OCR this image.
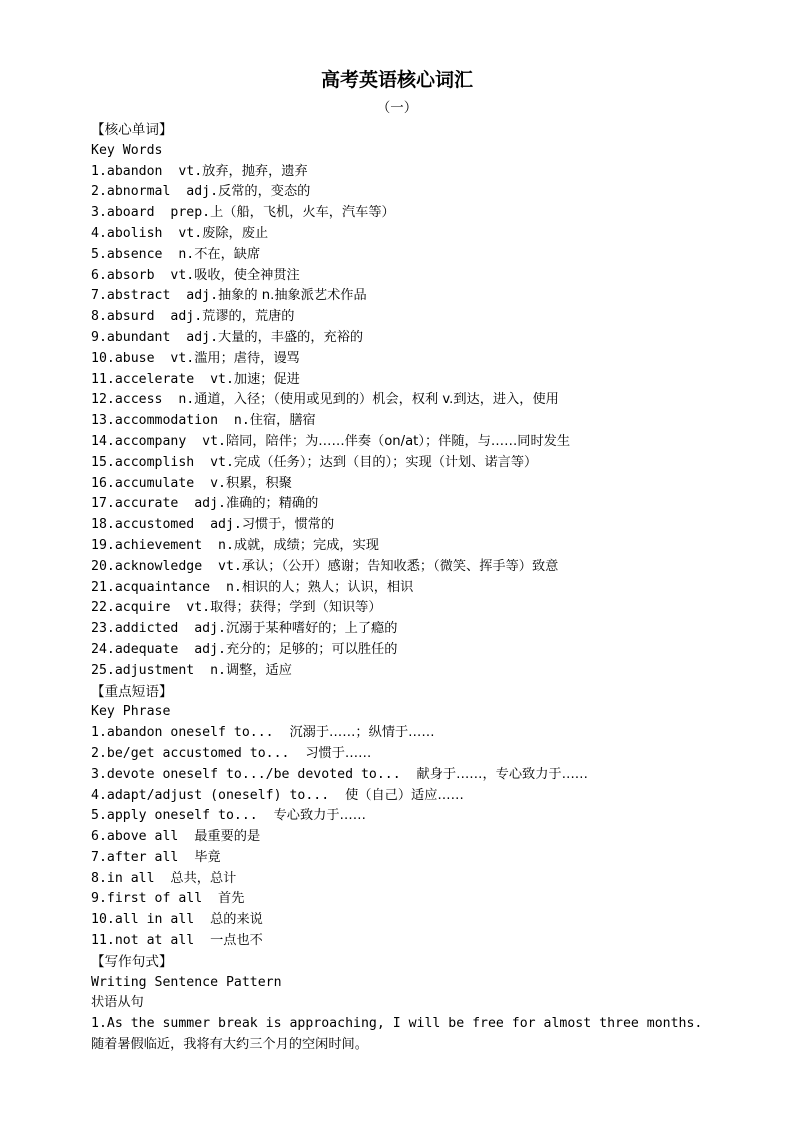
高考英语核心词汇
（一）
【核心单词】
Key Words
1.abandon  vt.放弃，抛弃，遗弃
2.abnormal  adj.反常的，变态的
3.aboard  prep.上（船，飞机，火车，汽车等）
4.abolish  vt.废除，废止
5.absence  n.不在，缺席
6.absorb  vt.吸收，使全神贯注
7.abstract  adj.抽象的 n.抽象派艺术作品
8.absurd  adj.荒谬的，荒唐的
9.abundant  adj.大量的，丰盛的，充裕的
10.abuse  vt.滥用；虐待，谩骂
11.accelerate  vt.加速；促进
12.access  n.通道，入径；（使用或见到的）机会，权利 v.到达，进入，使用
13.accommodation  n.住宿，膳宿
14.accompany  vt.陪同，陪伴；为……伴奏（on/at）；伴随，与……同时发生
15.accomplish  vt.完成（任务）；达到（目的）；实现（计划、诺言等）
16.accumulate  v.积累，积聚
17.accurate  adj.准确的；精确的
18.accustomed  adj.习惯于，惯常的
19.achievement  n.成就，成绩；完成，实现
20.acknowledge  vt.承认；（公开）感谢；告知收悉；（微笑、挥手等）致意
21.acquaintance  n.相识的人；熟人；认识，相识
22.acquire  vt.取得；获得；学到（知识等）
23.addicted  adj.沉溺于某种嗜好的；上了瘾的
24.adequate  adj.充分的；足够的；可以胜任的
25.adjustment  n.调整，适应
【重点短语】
Key Phrase
1.abandon oneself to...  沉溺于……；纵情于……
2.be/get accustomed to...  习惯于……
3.devote oneself to.../be devoted to...  献身于……，专心致力于……
4.adapt/adjust (oneself) to...  使（自己）适应……
5.apply oneself to...  专心致力于……
6.above all  最重要的是
7.after all  毕竟
8.in all  总共，总计
9.first of all  首先
10.all in all  总的来说
11.not at all  一点也不
【写作句式】
Writing Sentence Pattern
状语从句
1.As the summer break is approaching, I will be free for almost three months.
随着暑假临近，我将有大约三个月的空闲时间。
